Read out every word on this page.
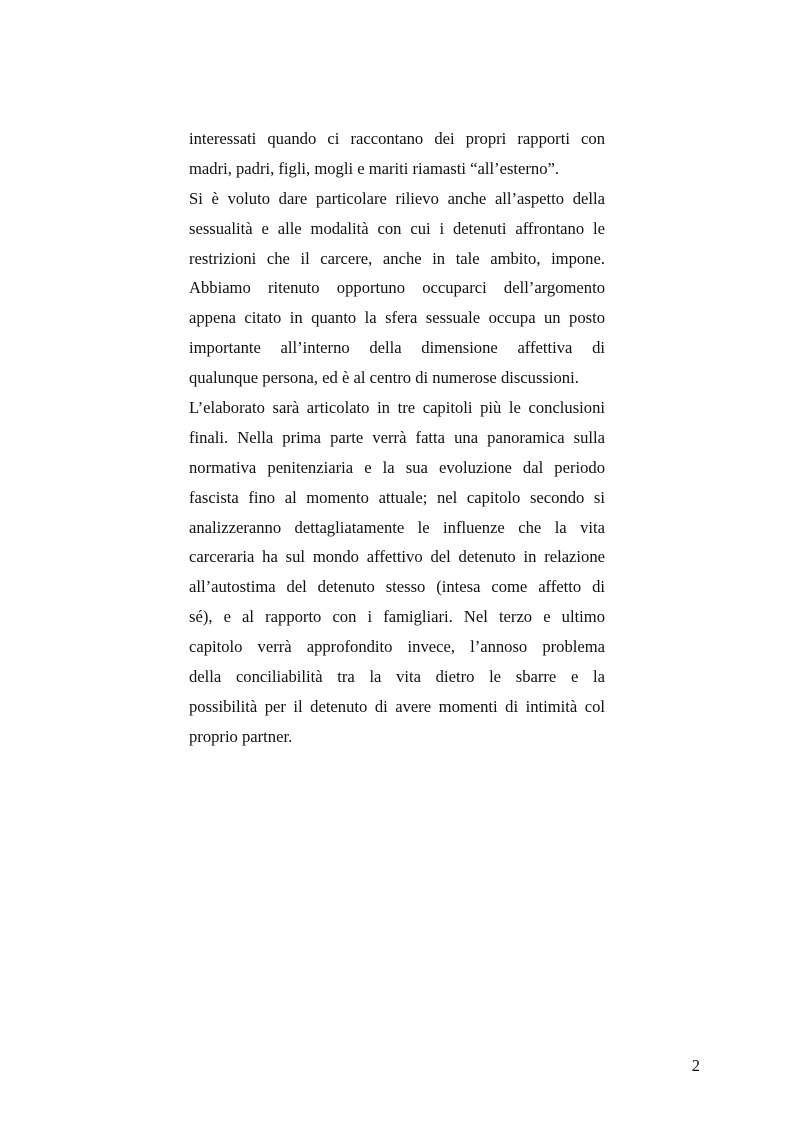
interessati quando ci raccontano dei propri rapporti con
madri, padri, figli, mogli e mariti riamasti “all’esterno”.
Si è voluto dare particolare rilievo anche all’aspetto della
sessualità e alle modalità con cui i detenuti affrontano le
restrizioni che il carcere, anche in tale ambito, impone.
Abbiamo ritenuto opportuno occuparci dell’argomento
appena citato in quanto la sfera sessuale occupa un posto
importante all’interno della dimensione affettiva di
qualunque persona, ed è al centro di numerose discussioni.
L’elaborato sarà articolato in tre capitoli più le conclusioni
finali. Nella prima parte verrà fatta una panoramica sulla
normativa penitenziaria e la sua evoluzione dal periodo
fascista fino al momento attuale; nel capitolo secondo si
analizzeranno dettagliatamente le influenze che la vita
carceraria ha sul mondo affettivo del detenuto in relazione
all’autostima del detenuto stesso (intesa come affetto di
sé), e al rapporto con i famigliari. Nel terzo e ultimo
capitolo verrà approfondito invece, l’annoso problema
della conciliabilità tra la vita dietro le sbarre e la
possibilità per il detenuto di avere momenti di intimità col
proprio partner.
2
